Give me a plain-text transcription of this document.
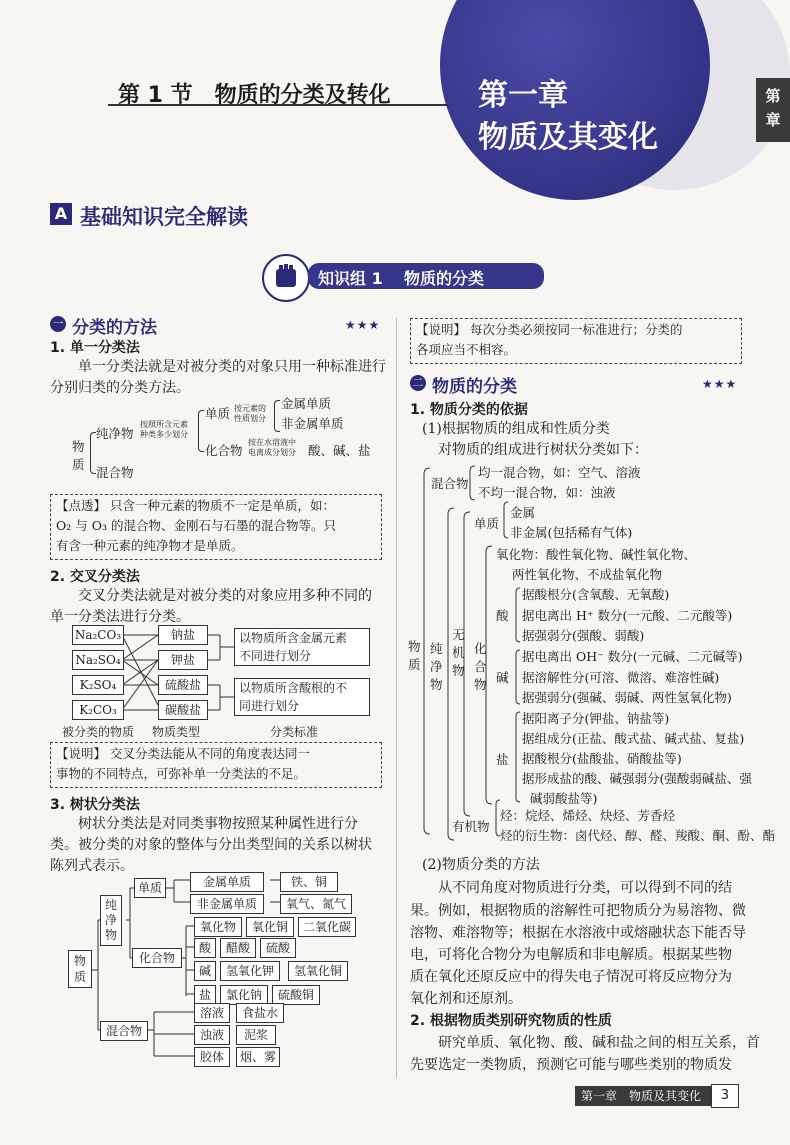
第 1 节　物质的分类及转化	第一章
物质及其变化
第
章
A 基础知识完全解读
知识组 1 物质的分类
一 分类的方法	★★★
1. 单一分类法
单一分类法就是对被分类的对象只用一种标准进行
分别归类的分类方法。
物
质
纯净物
混合物
按照所含元素
种类多少划分
单质 按元素的
性质划分
金属单质
非金属单质
化合物
按在水溶液中
电离成分划分 酸、碱、盐
【点透】 只含一种元素的物质不一定是单质，如：
O₂ 与 O₃ 的混合物、金刚石与石墨的混合物等。只
有含一种元素的纯净物才是单质。
2. 交叉分类法
交叉分类法就是对被分类的对象应用多种不同的
单一分类法进行分类。
Na₂CO₃
Na₂SO₄
K₂SO₄
K₂CO₃
钠盐
钾盐
硫酸盐
碳酸盐
以物质所含金属元素
不同进行划分
以物质所含酸根的不
同进行划分
被分类的物质 物质类型	分类标准
【说明】 交叉分类法能从不同的角度表达同一
事物的不同特点，可弥补单一分类法的不足。
3. 树状分类法
树状分类法是对同类事物按照某种属性进行分
类。被分类的对象的整体与分出类型间的关系以树状
陈列式表示。
物
质
纯
净
物
单质	金属单质	铁、铜
非金属单质	氧气、氮气
化合物
氧化物	氧化铜	二氧化碳
酸	醋酸	硫酸
碱	氢氧化钾	氢氧化铜
盐	氯化钠	硫酸铜
混合物
溶液	食盐水
浊液	泥浆
胶体	烟、雾
【说明】 每次分类必须按同一标准进行；分类的
各项应当不相容。
二 物质的分类	★★★
1. 物质分类的依据
(1)根据物质的组成和性质分类
对物质的组成进行树状分类如下：
物
质
混合物
均一混合物，如：空气、溶液
不均一混合物，如：浊液
纯
净
物
单质
金属
非金属(包括稀有气体)
无
机
物
化
合
物
氧化物：酸性氧化物、碱性氧化物、
两性氧化物、不成盐氧化物
酸
据酸根分(含氧酸、无氧酸)
据电离出 H⁺ 数分(一元酸、二元酸等)
据强弱分(强酸、弱酸)
碱
据电离出 OH⁻ 数分(一元碱、二元碱等)
据溶解性分(可溶、微溶、难溶性碱)
据强弱分(强碱、弱碱、两性氢氧化物)
盐
据阳离子分(钾盐、钠盐等)
据组成分(正盐、酸式盐、碱式盐、复盐)
据酸根分(盐酸盐、硝酸盐等)
据形成盐的酸、碱强弱分(强酸弱碱盐、强
碱弱酸盐等)
有机物
烃：烷烃、烯烃、炔烃、芳香烃
烃的衍生物：卤代烃、醇、醛、羧酸、酮、酚、酯
(2)物质分类的方法
从不同角度对物质进行分类，可以得到不同的结
果。例如，根据物质的溶解性可把物质分为易溶物、微
溶物、难溶物等；根据在水溶液中或熔融状态下能否导
电，可将化合物分为电解质和非电解质。根据某些物
质在氧化还原反应中的得失电子情况可将反应物分为
氧化剂和还原剂。
2. 根据物质类别研究物质的性质
研究单质、氧化物、酸、碱和盐之间的相互关系，首
先要选定一类物质，预测它可能与哪些类别的物质发
第一章　物质及其变化	3
